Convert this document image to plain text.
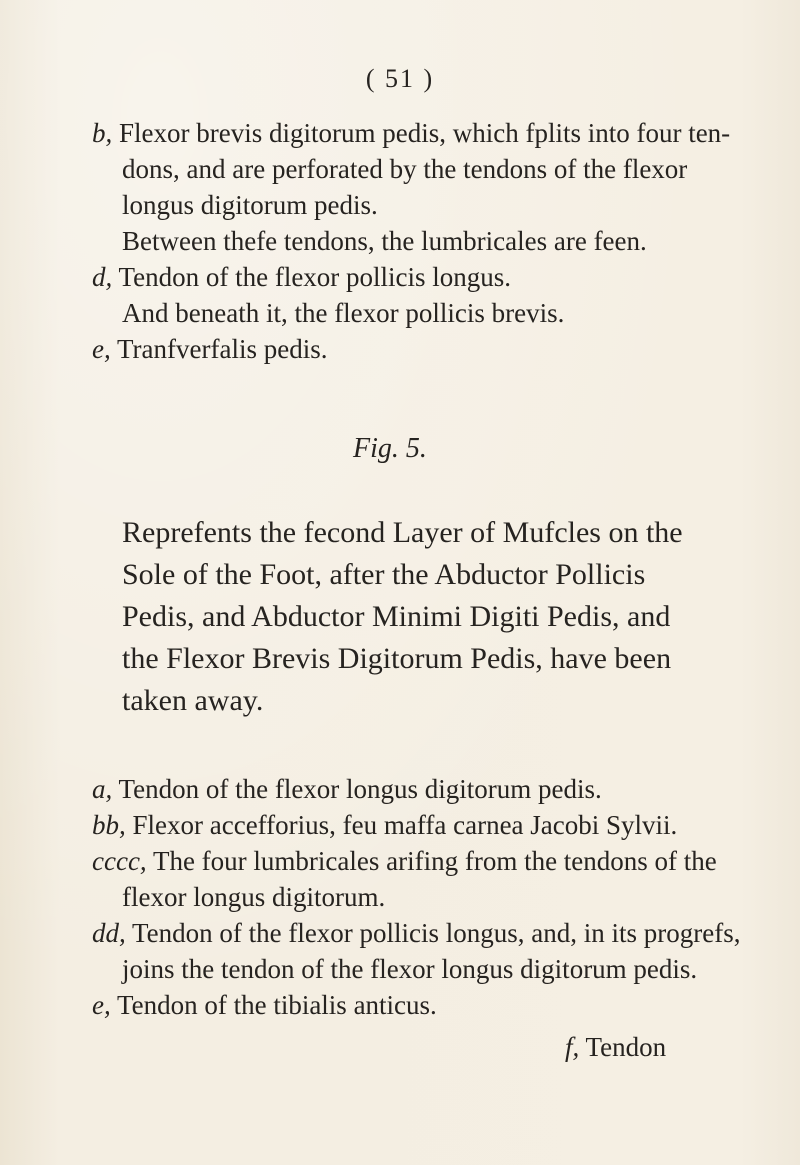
( 51 )
b, Flexor brevis digitorum pedis, which fplits into four ten-
dons, and are perforated by the tendons of the flexor
longus digitorum pedis.
Between thefe tendons, the lumbricales are feen.
d, Tendon of the flexor pollicis longus.
And beneath it, the flexor pollicis brevis.
e, Tranfverfalis pedis.
Fig. 5.
Reprefents the fecond Layer of Mufcles on the
Sole of the Foot, after the Abduсtor Pollicis
Pedis, and Abductor Minimi Digiti Pedis, and
the Flexor Brevis Digitorum Pedis, have been
taken away.
a, Tendon of the flexor longus digitorum pedis.
bb, Flexor accefforius, feu maffa carnea Jacobi Sylvii.
cccc, The four lumbricales arifing from the tendons of the
flexor longus digitorum.
dd, Tendon of the flexor pollicis longus, and, in its progrefs,
joins the tendon of the flexor longus digitorum pedis.
e, Tendon of the tibialis anticus.
f, Tendon
